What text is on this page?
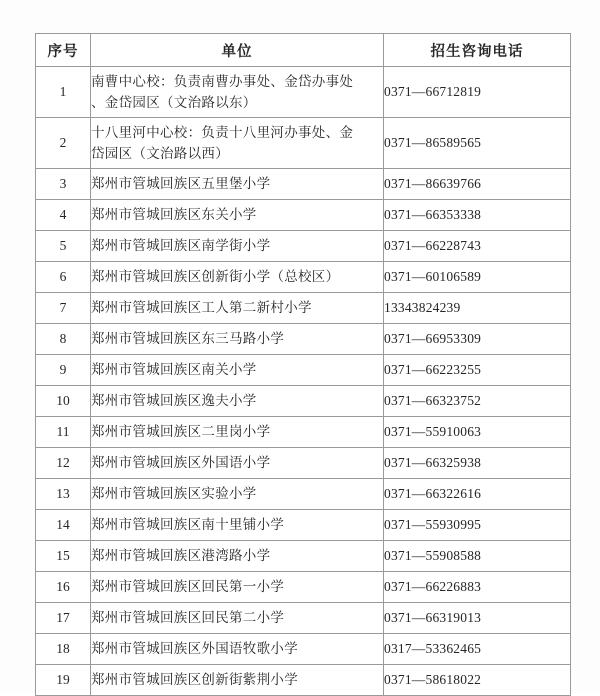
序号	单位	招生咨询电话
1	南曹中心校：负责南曹办事处、金岱办事处
、金岱园区（文治路以东）	0371—66712819
2	十八里河中心校：负责十八里河办事处、金
岱园区（文治路以西）	0371—86589565
3	郑州市管城回族区五里堡小学	0371—86639766
4	郑州市管城回族区东关小学	0371—66353338
5	郑州市管城回族区南学街小学	0371—66228743
6	郑州市管城回族区创新街小学（总校区）	0371—60106589
7	郑州市管城回族区工人第二新村小学	13343824239
8	郑州市管城回族区东三马路小学	0371—66953309
9	郑州市管城回族区南关小学	0371—66223255
10	郑州市管城回族区逸夫小学	0371—66323752
11	郑州市管城回族区二里岗小学	0371—55910063
12	郑州市管城回族区外国语小学	0371—66325938
13	郑州市管城回族区实验小学	0371—66322616
14	郑州市管城回族区南十里铺小学	0371—55930995
15	郑州市管城回族区港湾路小学	0371—55908588
16	郑州市管城回族区回民第一小学	0371—66226883
17	郑州市管城回族区回民第二小学	0371—66319013
18	郑州市管城回族区外国语牧歌小学	0317—53362465
19	郑州市管城回族区创新街紫荆小学	0371—58618022
